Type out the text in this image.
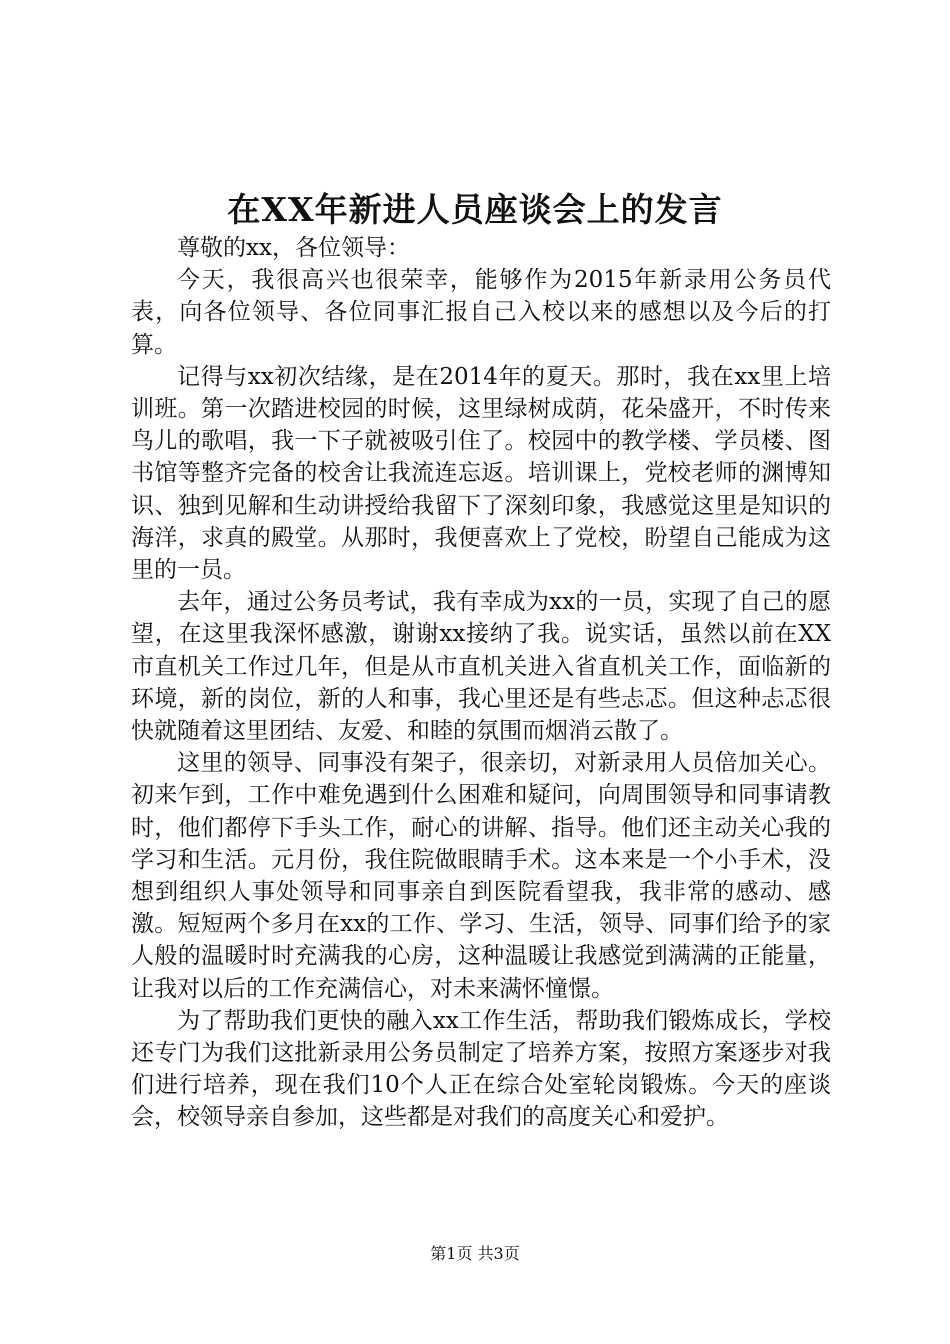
在XX年新进人员座谈会上的发言

尊敬的xx，各位领导：

今天，我很高兴也很荣幸，能够作为2015年新录用公务员代表，向各位领导、各位同事汇报自己入校以来的感想以及今后的打算。

记得与xx初次结缘，是在2014年的夏天。那时，我在xx里上培训班。第一次踏进校园的时候，这里绿树成荫，花朵盛开，不时传来鸟儿的歌唱，我一下子就被吸引住了。校园中的教学楼、学员楼、图书馆等整齐完备的校舍让我流连忘返。培训课上，党校老师的渊博知识、独到见解和生动讲授给我留下了深刻印象，我感觉这里是知识的海洋，求真的殿堂。从那时，我便喜欢上了党校，盼望自己能成为这里的一员。

去年，通过公务员考试，我有幸成为xx的一员，实现了自己的愿望，在这里我深怀感激，谢谢xx接纳了我。说实话，虽然以前在XX市直机关工作过几年，但是从市直机关进入省直机关工作，面临新的环境，新的岗位，新的人和事，我心里还是有些忐忑。但这种忐忑很快就随着这里团结、友爱、和睦的氛围而烟消云散了。

这里的领导、同事没有架子，很亲切，对新录用人员倍加关心。初来乍到，工作中难免遇到什么困难和疑问，向周围领导和同事请教时，他们都停下手头工作，耐心的讲解、指导。他们还主动关心我的学习和生活。元月份，我住院做眼睛手术。这本来是一个小手术，没想到组织人事处领导和同事亲自到医院看望我，我非常的感动、感激。短短两个多月在xx的工作、学习、生活，领导、同事们给予的家人般的温暖时时充满我的心房，这种温暖让我感觉到满满的正能量，让我对以后的工作充满信心，对未来满怀憧憬。

为了帮助我们更快的融入xx工作生活，帮助我们锻炼成长，学校还专门为我们这批新录用公务员制定了培养方案，按照方案逐步对我们进行培养，现在我们10个人正在综合处室轮岗锻炼。今天的座谈会，校领导亲自参加，这些都是对我们的高度关心和爱护。

第1页 共3页
